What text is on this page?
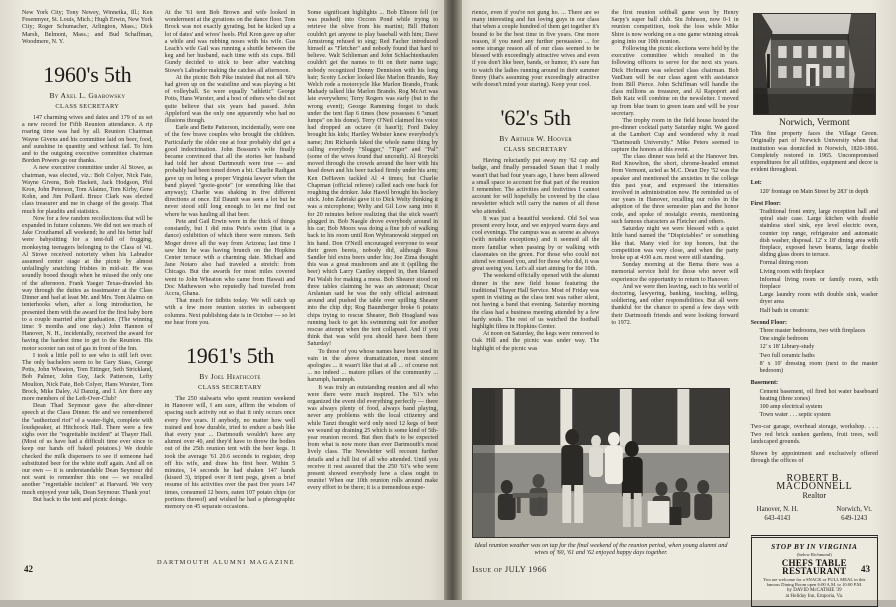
New York City; Tony Newey, Winnetka, Ill.; Ken Fesenmyer, St. Louis, Mich.; Hugh Erwin, New York City; Roger Schumacher, Arlington, Mass.; Dick Marsh, Belmont, Mass.; and Bud Schaffman, Woodmere, N. Y.

1960's 5th
By Axel L. Grabowsky
CLASS SECRETARY

147 charming wives and dates and 179 of us set a new record for Fifth Reunion attendance. A rip roaring time was had by all. Reunion Chairman Wayne Givens and his committee laid on beer, food, and sunshine in quantity and without fail. To him and to the outgoing executive committee chairman Borden Powers go our thanks.

A new executive committee under Al Stowe, as chairman, was elected, viz.: Bob Colyer, Nick Fate, Wayne Givens, Bob Hackett, Jack Hodgson, Phil Kron, John Peterson, Tom Alaimo, Tom Kirby, Gene Kohn, and Jim Pollard. Bruce Clark was elected class treasurer and me in charge of the gossip. That much for plaudits and statistics.

Now for a few random recollections that will be expanded in future columns. We did not see much of Jake Crouthamel all weekend; he and his better half were babysitting for a tent-full of frugging, monkeying teenagers belonging to the Class of '41. Al Stowe received notoriety when his Labrador assumed center stage at the picnic by almost unfailingly snatching frisbies in mid-air. He was soundly booed though when he missed the only one of the afternoon. Frank Yaeger Texas-drawled his way through the duties as toastmaster at the Class Dinner and had at least Mr. and Mrs. Tom Alaimo on tenterhooks when, after a long introduction, he presented them with the award for the first baby born to a couple married after graduation. (The winning time: 9 months and one day.) John Hannon of Hanover, N. H., incidentally, received the award for having the hardest time to get to the Reunion. His motor scooter ran out of gas in front of the Inn.

I took a little poll to see who is still left over. The only bachelors seem to be Gary Stass, George Potts, John Wheaton, Tom Ettinger, Seth Strickland, Bob Palmer, John Guy, Jack Patterson, Lefty Moulton, Nick Fate, Bob Colyer, Hans Wurster, Tom Brock, Mike Daley, Al Danzig, and I. Are there any more members of the Left-Over-Club?

Dean Thad Seymour gave the after-dinner speech at the Class Dinner. He and we remembered the "authorized riot" of a water-fight, complete with loudspeaker, at Hitchcock Hall. There were a few sighs over the "regrettable incident" at Thayer Hall. (Most of us have had a difficult time ever since to keep our hands off baked potatoes.) We double checked the milk dispensers to see if someone had substituted beer for the white stuff again. And all on our own — it is understandable Dean Seymour did not want to remember this one — we recalled another "regrettable incident" at Harvard. We very much enjoyed your talk, Dean Seymour. Thank you!

But back to the tent and picnic doings.

At the '61 tent Bob Brown and wife looked in wonderment at the gyrations on the dance floor. Tom Brock was not exactly gyrating, but he kicked up a lot of dates' and wives' heels. Phil Kron gave up after a while and was rubbing noses with his wife. Gus Leach's wife Gail was running a shuttle between the keg and her husband, each time with six cups. Bill Gundy decided to stick to beer after watching Stowe's Labrador making the catches all afternoon.

At the picnic Bob Pike insisted that not all '60's had given up on the waistline and was playing a bit of volleyball. So were equally "athletic" George Potts, Hans Wurster, and a host of others who did not quite believe that six years had passed. John Appleford was the only one apparently who had no illusions though.

Earle and Bette Patterson, incidentally, were one of the few brave couples who brought the children. Particularly the older one at four probably did get a good indoctrination. John Bossum's wife finally became convinced that all the stories her husband had told her about Dartmouth were true — and probably had been toned down a bit. Charlie Radigan gave up on being a proper Virginia lawyer when the band played "gooie-gooie" (or something like that anyway); Charlie was shaking in five different directions at once. Ed Daunit was seen a lot but he never stood still long enough to let me find out where he was hauling all that beer.

Pete and Gail Erwin were in the thick of things constantly, but I did miss Pete's swim (that is a dance) exhibition of which there were rumors. Seth Moger drove all the way from Arizona; last time I saw him he was having brunch on the Hopkins Center terrace with a charming date. Michael and Jane Notaro also had traveled a stretch: from Chicago. But the awards for most miles covered went to John Wheaton who came from Hawaii and Doc Mathewson who reputedly had traveled from Accra, Ghana.

That much for tidbits today. We will catch up with a few more reunion stories in subsequent columns. Next publishing date is in October — so let me hear from you.

1961's 5th
By Joel Heathcote
CLASS SECRETARY

The 250 stalwarts who spent reunion weekend in Hanover will, I am sure, affirm the wisdom of spacing such activity out so that it only occurs once every five years. If anybody, no matter how well trained and how durable, tried to endure a bash like that every year ... Dartmouth wouldn't have any alumni over 40, and they'd have to throw the bodies out of the 25th reunion tent with the beer kegs. It took the average '61 20.6 seconds to register, drop off his wife, and draw his first beer. Within 5 minutes, 14 seconds he had shaken 147 hands (kissed 3), tripped over 8 tent pegs, given a brief resume of his activities over the past five years 147 times, consumed 12 beers, eaten 107 potato chips (or portions thereof) and wished he had a photographic memory on 45 separate occasions.

Some significant highlights ... Bob Elmore fell (or was pushed) into Occom Pond while trying to retrieve the olive from his martini; Bill Hutton couldn't get anyone to play baseball with him; Dave Armstrong refused to sing; Red Facher introduced himself as "Fletcher" and nobody found that hard to believe. Walt Schlieman and John Schlachtenhaufen couldn't get the names to fit on their name tags; nobody recognized Denny Dennision with his long hair; Scotty Locker looked like Marlon Brando, Ray Welch rode a motorcycle like Marlon Brando, Frank Mahady talked like Marlon Brando. Rog McArt was late everywhere; Terry Rogers was early (but to the wrong event); George Ramming forgot to duck under the tent flap 6 times (how possesses 6 "smart lumps" on his dome). Terry O'Neil claimed his voice had dropped an octave (it hasn't); Ford Daley brought his kids; Hartley Webster knew everybody's name; Jim Richards faked the whole name thing by calling everybody "Slugger," "Tiger" and "Pal" (some of the wives found that uncouth). Al Rozycki moved through the crowds around the beer with his head down and his beer tucked firmly under his arm; Ken DeHaven tackled Al 4 times; but Charlie Chapman (official referee) called each one back for roughing the drinker. Jake Hasvil brought his hockey stick. John Zabriski gave it to Dick Welty thinking it was a microphone; Welty and Gil Low sang into it for 20 minutes before realizing that the stick wasn't plugged in. Bob Naegle drove everybody around in his car; Bob Moors was doing a fine job of walking back to his room until Ron Wybranowski stepped on his hand. Don O'Neill encouraged everyone to wear their green berets, nobody did, although Ross Sandler hid extra beers under his; Joe Zima thought this was a great mushroom and ate it (spilling the beer) which Larry Cantley stepped in, then blamed Pat Walsh for making a mess. Bob Shearer stood on three tables claiming he was an astronaut; Oscar Arslanian said he was the only official astronaut around and pushed the table over spilling Shearer into the chip dip; Rog Baumberger broke 6 potato chips trying to rescue Shearer, Bob Hoagland was running back to get his swimming suit for another rescue attempt when the tent collapsed. And if you think that was wild you should have been there Saturday!

To those of you whose names have been used in vain in the above dramatization, most sincere apologies ... it wasn't like that at all ... of course not ... no indeed ... mature pillars of the community ... harumph, harumph.

It was truly an outstanding reunion and all who were there were much inspired. The '61's who organized the event did everything perfectly — there was always plenty of food, always band playing, never any problems with the local citizenry and while Tanzi thought we'd only need 12 kegs of beer we wound up draining 25 which is some kind of 5th-year reunion record. But then that's to be expected from what is now more than ever Dartmouth's most lively class. The Newsletter will recount further details and a full list of all who attended. Until you receive it rest assured that the 250 '61's who were present showed everybody how a class ought to reunite! When our 10th reunion rolls around make every effort to be there; it is a tremendous expe-

42
DARTMOUTH ALUMNI MAGAZINE

rience, even if you're not gung ho. ... There are so many interesting and fun loving guys in our class that when a couple hundred of them get together it's bound to be the best time in five years. One more reason, if you need any further persuasion ... for some strange reason all of our class seemed to be blessed with exceedingly attractive wives and even if you don't like beer, bands, or humor, it's sure fun to watch the ladies running around in their summer finery (that's assuming your exceedingly attractive wife doesn't mind your staring). Keep your cool.

'62's 5th
By Arthur W. Hoover
CLASS SECRETARY

Having reluctantly put away my '62 cap and badge, and finally persuaded Susan that I really wasn't that bad four years ago, I have been allowed a small space to account for that part of the reunion I remember. The activities and festivities I cannot account for will hopefully be covered by the class newsletter which will carry the names of all those who attended.

It was just a beautiful weekend. Old Sol was present every hour, and we enjoyed warm days and cool evenings. The campus was as serene as always (with notable exceptions) and it seemed all the more familiar when passing by or walking with classmates on the green. For those who could not attend we missed you, and for those who did, it was great seeing you. Let's all start aiming for the 10th.

The weekend officially opened with the alumni dinner in the new field house featuring the traditional Thayer Hall Service. Most of Friday was spent in visiting as the class tent was rather silent, not having a band that evening. Saturday morning the class had a business meeting attended by a few hardy souls. The rest of us watched the football highlight films in Hopkins Center.

At noon on Saturday, the kegs were removed to Oak Hill and the picnic was under way. The highlight of the picnic was

the first reunion softball game won by Henry Sarpy's super ball club. Stu Johnson, now 0-1 in reunion competition, took the loss while Mike Shire is now working on a one game winning streak going into our 10th reunion.

Following the picnic elections were held by the executive committee which resulted in the following officers to serve for the next six years. Dick Hofmann was selected class chairman. Bob VanDam will be our class agent with assistance from Bill Pierce. John Schiffman will handle the class millions as treasurer, and Al Rapoport and Bob Katz will combine on the newsletter. I moved up from blue team to green team and will be your secretary.

The trophy room in the field house hosted the pre-dinner cocktail party Saturday night. We gazed at the Lambert Cup and wondered why it read "Dartmouth University." Mike Peters seemed to capture the honors at this event.

The class dinner was held at the Hanover Inn. Red Knowlton, the short, chrome-headed emmet from Vermont, acted as M.C. Dean Dey '52 was the speaker and mentioned the anxieties in the college this past year, and expressed the intensities involved in administration now. He reminded us of our years in Hanover, recalling our roles in the adoption of the three semester plan and the honor code, and spoke of nostalgic events, mentioning such famous characters as Fletcher and others.

Saturday night we were blessed with a quiet little band named the "Dispictables" or something like that. Many vied for top honors, but the competition was very close, and when the party broke up at 4:00 a.m. most were still standing.

Sunday morning at the Bema there was a memorial service held for those who never will experience the opportunity to return to Hanover.

And we were then leaving, each to his world of doctoring, lawyering, banking, teaching, selling, soldiering, and other responsibilities. But all were thankful for the chance to spend a few days with their Dartmouth friends and were looking forward to 1972.

Norwich, Vermont
This fine property faces the Village Green. Originally part of Norwich University when that institution was domiciled in Norwich, 1820-1866. Completely restored in 1965. Uncompromised expenditures for all utilities, equipment and decor is evident throughout.
Lot:
120' frontage on Main Street by 283' in depth
First Floor:
Traditional front entry, large reception hall and spiral stair case. Large kitchen with double stainless steel sink, eye level electric oven, counter top range, refrigerator and automatic dish washer, disposal. 12' x 18' dining area with fireplace, exposed hewn beams, large double sliding glass doors to terrace.
Formal dining room
Living room with fireplace
Informal living room or family room, with fireplace
Large laundry room with double sink, washer dryer area
Half bath in ceramic
Second Floor:
Three master bedrooms, two with fireplaces
One single bedroom
12' x 18' Library-study
Two full ceramic baths
8' x 10' dressing room (next to the master bedroom)
Basement:
Cement basement, oil fired hot water baseboard heating (three zones)
100 amp electrical system
Town water . . . septic system

Two-car garage, overhead storage, workshop. . . . Two red brick sunken gardens, fruit trees, well landscaped grounds.

Shown by appointment and exclusively offered through the offices of

ROBERT B. MACDONNELL
Realtor
Hanover, N. H.
643-4143
Norwich, Vt.
649-1243
STOP BY IN VIRGINIA
(below Richmond)
CHEFS TABLE RESTAURANT
You are welcome for a SNACK or FULL MEAL in this famous Dining Room open 6:00 A.M. to 10:00 P.M.
by DAVID McCATHIE '39
at Holiday Inn, Emporia, Va.
Ideal reunion weather was on tap for the final weekend of the reunion period, when young alumni and wives of '60, '61 and '62 enjoyed happy days together.
Issue of JULY 1966	43
